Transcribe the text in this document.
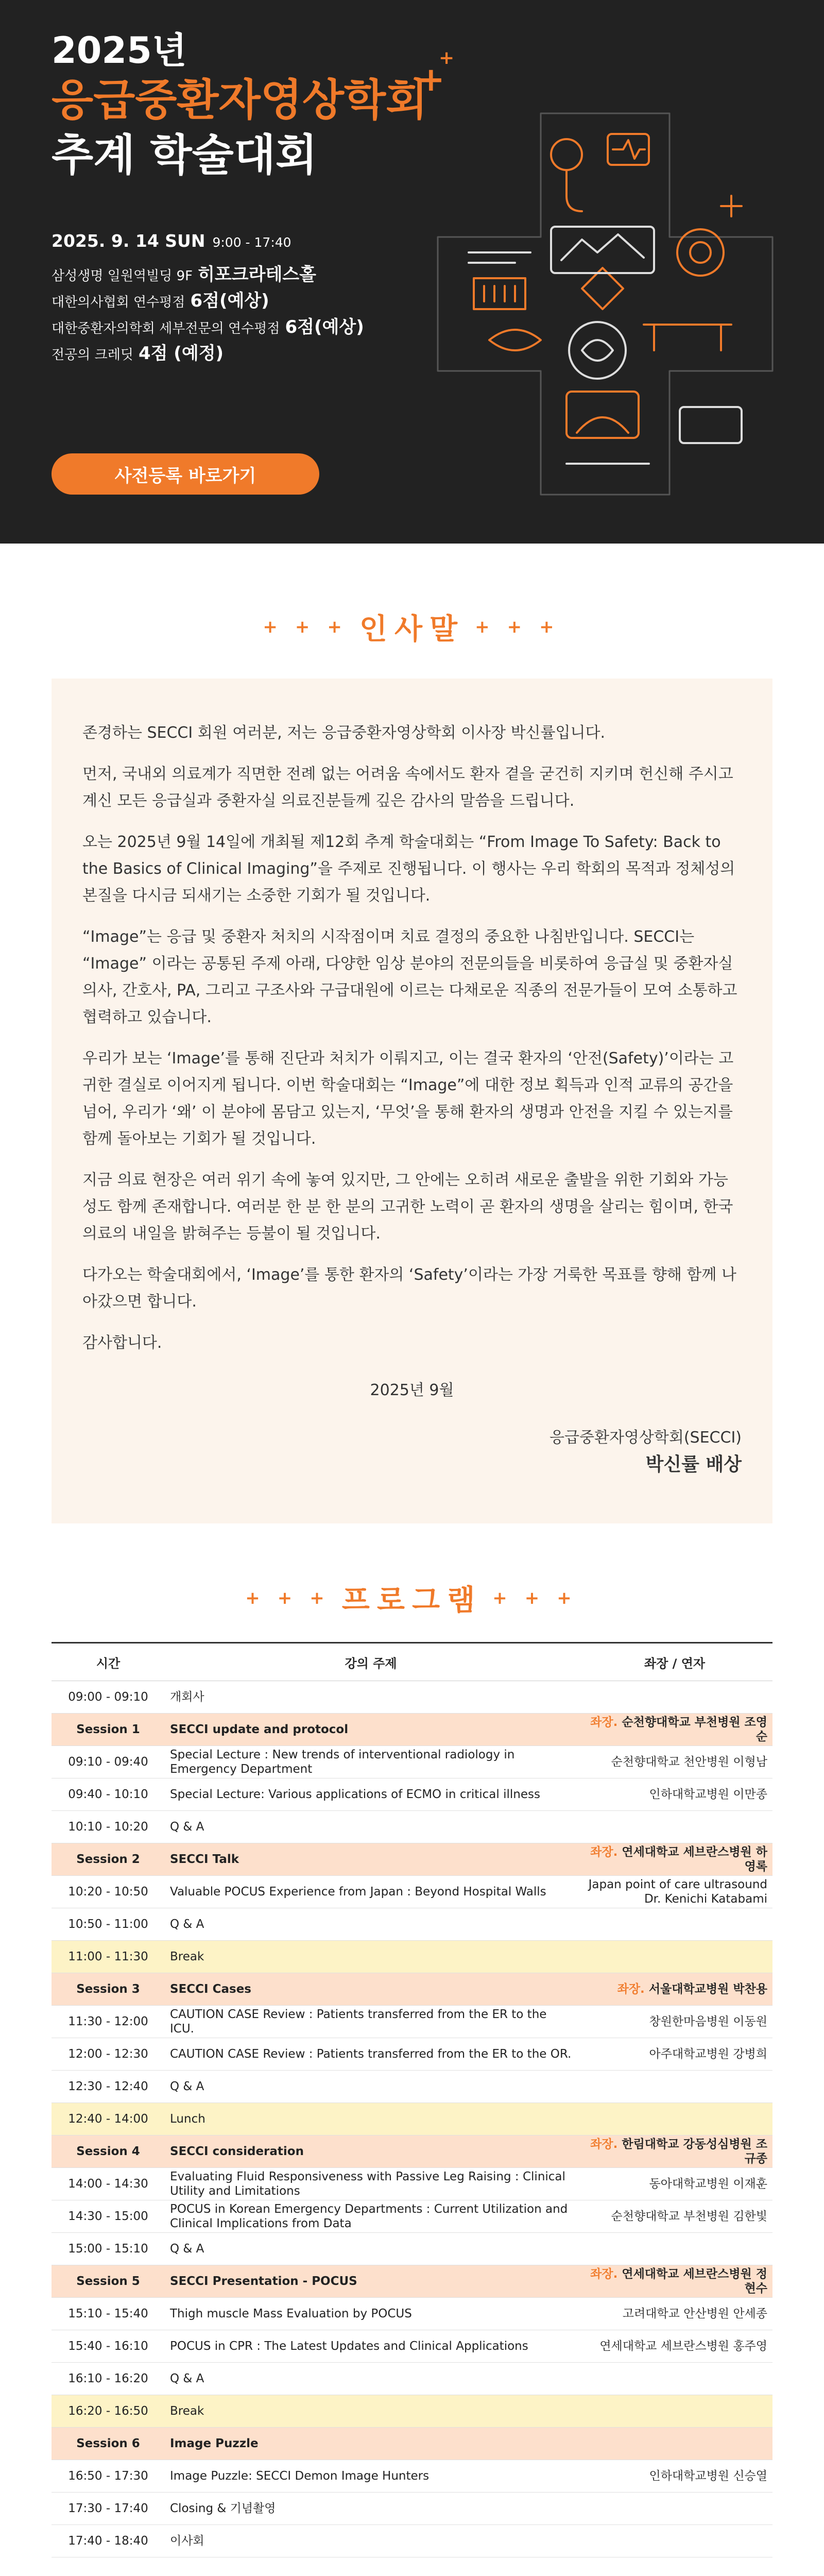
2025년
응급중환자영상학회
추계 학술대회
+
+
2025. 9. 14 SUN 9:00 - 17:40
삼성생명 일원역빌딩 9F 히포크라테스홀
대한의사협회 연수평점 6점(예상)
대한중환자의학회 세부전문의 연수평점 6점(예상)
전공의 크레딧 4점 (예정)
사전등록 바로가기
+ + + 인사말 + + +

존경하는 SECCI 회원 여러분, 저는 응급중환자영상학회 이사장 박신률입니다.

먼저, 국내외 의료계가 직면한 전례 없는 어려움 속에서도 환자 곁을 굳건히 지키며 헌신해 주시고 계신 모든 응급실과 중환자실 의료진분들께 깊은 감사의 말씀을 드립니다.

오는 2025년 9월 14일에 개최될 제12회 추계 학술대회는 “From Image To Safety: Back to the Basics of Clinical Imaging”을 주제로 진행됩니다. 이 행사는 우리 학회의 목적과 정체성의 본질을 다시금 되새기는 소중한 기회가 될 것입니다.

“Image”는 응급 및 중환자 처치의 시작점이며 치료 결정의 중요한 나침반입니다. SECCI는 “Image” 이라는 공통된 주제 아래, 다양한 임상 분야의 전문의들을 비롯하여 응급실 및 중환자실 의사, 간호사, PA, 그리고 구조사와 구급대원에 이르는 다채로운 직종의 전문가들이 모여 소통하고 협력하고 있습니다.

우리가 보는 ‘Image’를 통해 진단과 처치가 이뤄지고, 이는 결국 환자의 ‘안전(Safety)’이라는 고귀한 결실로 이어지게 됩니다. 이번 학술대회는 “Image”에 대한 정보 획득과 인적 교류의 공간을 넘어, 우리가 ‘왜’ 이 분야에 몸담고 있는지, ‘무엇’을 통해 환자의 생명과 안전을 지킬 수 있는지를 함께 돌아보는 기회가 될 것입니다.

지금 의료 현장은 여러 위기 속에 놓여 있지만, 그 안에는 오히려 새로운 출발을 위한 기회와 가능성도 함께 존재합니다. 여러분 한 분 한 분의 고귀한 노력이 곧 환자의 생명을 살리는 힘이며, 한국 의료의 내일을 밝혀주는 등불이 될 것입니다.

다가오는 학술대회에서, ‘Image’를 통한 환자의 ‘Safety’이라는 가장 거룩한 목표를 향해 함께 나아갔으면 합니다.

감사합니다.

2025년 9월

응급중환자영상학회(SECCI)

박신률 배상

+ + + 프로그램 + + +
시간	강의 주제	좌장 / 연자
09:00 - 09:10	개회사	
Session 1	SECCI update and protocol	좌장. 순천향대학교 부천병원 조영순
09:10 - 09:40	Special Lecture : New trends of interventional radiology in Emergency Department	순천향대학교 천안병원 이형남
09:40 - 10:10	Special Lecture: Various applications of ECMO in critical illness	인하대학교병원 이만종
10:10 - 10:20	Q & A	
Session 2	SECCI Talk	좌장. 연세대학교 세브란스병원 하영록
10:20 - 10:50	Valuable POCUS Experience from Japan : Beyond Hospital Walls	Japan point of care ultrasound Dr. Kenichi Katabami
10:50 - 11:00	Q & A	
11:00 - 11:30	Break	
Session 3	SECCI Cases	좌장. 서울대학교병원 박찬용
11:30 - 12:00	CAUTION CASE Review : Patients transferred from the ER to the ICU.	창원한마음병원 이동원
12:00 - 12:30	CAUTION CASE Review : Patients transferred from the ER to the OR.	아주대학교병원 강병희
12:30 - 12:40	Q & A	
12:40 - 14:00	Lunch	
Session 4	SECCI consideration	좌장. 한림대학교 강동성심병원 조규종
14:00 - 14:30	Evaluating Fluid Responsiveness with Passive Leg Raising : Clinical Utility and Limitations	동아대학교병원 이재훈
14:30 - 15:00	POCUS in Korean Emergency Departments : Current Utilization and Clinical Implications from Data	순천향대학교 부천병원 김한빛
15:00 - 15:10	Q & A	
Session 5	SECCI Presentation - POCUS	좌장. 연세대학교 세브란스병원 정현수
15:10 - 15:40	Thigh muscle Mass Evaluation by POCUS	고려대학교 안산병원 안세종
15:40 - 16:10	POCUS in CPR : The Latest Updates and Clinical Applications	연세대학교 세브란스병원 홍주영
16:10 - 16:20	Q & A	
16:20 - 16:50	Break	
Session 6	Image Puzzle	
16:50 - 17:30	Image Puzzle: SECCI Demon Image Hunters	인하대학교병원 신승열
17:30 - 17:40	Closing & 기념촬영	
17:40 - 18:40	이사회	
